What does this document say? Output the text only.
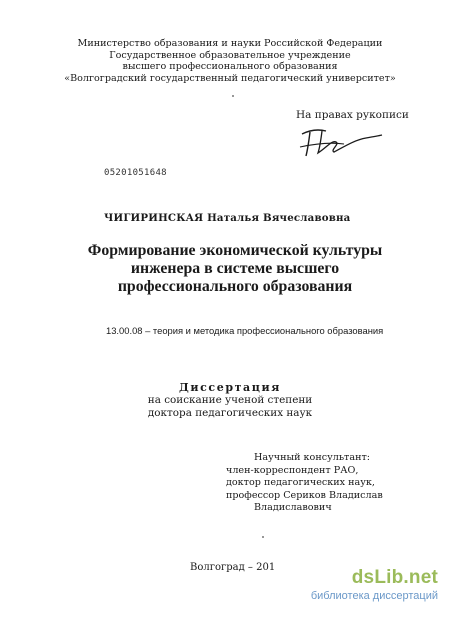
Министерство образования и науки Российской Федерации
Государственное образовательное учреждение
высшего профессионального образования
«Волгоградский государственный педагогический университет»
На правах рукописи
05201051648
ЧИГИРИНСКАЯ Наталья Вячеславовна
Формирование экономической культуры
инженера в системе высшего
профессионального образования
13.00.08 – теория и методика профессионального образования
Диссертация
на соискание ученой степени
доктора педагогических наук
Научный консультант:
член-корреспондент РАО,
доктор педагогических наук,
профессор Сериков Владислав
Владиславович
Волгоград – 201	dsLib.net
библиотека диссертаций
